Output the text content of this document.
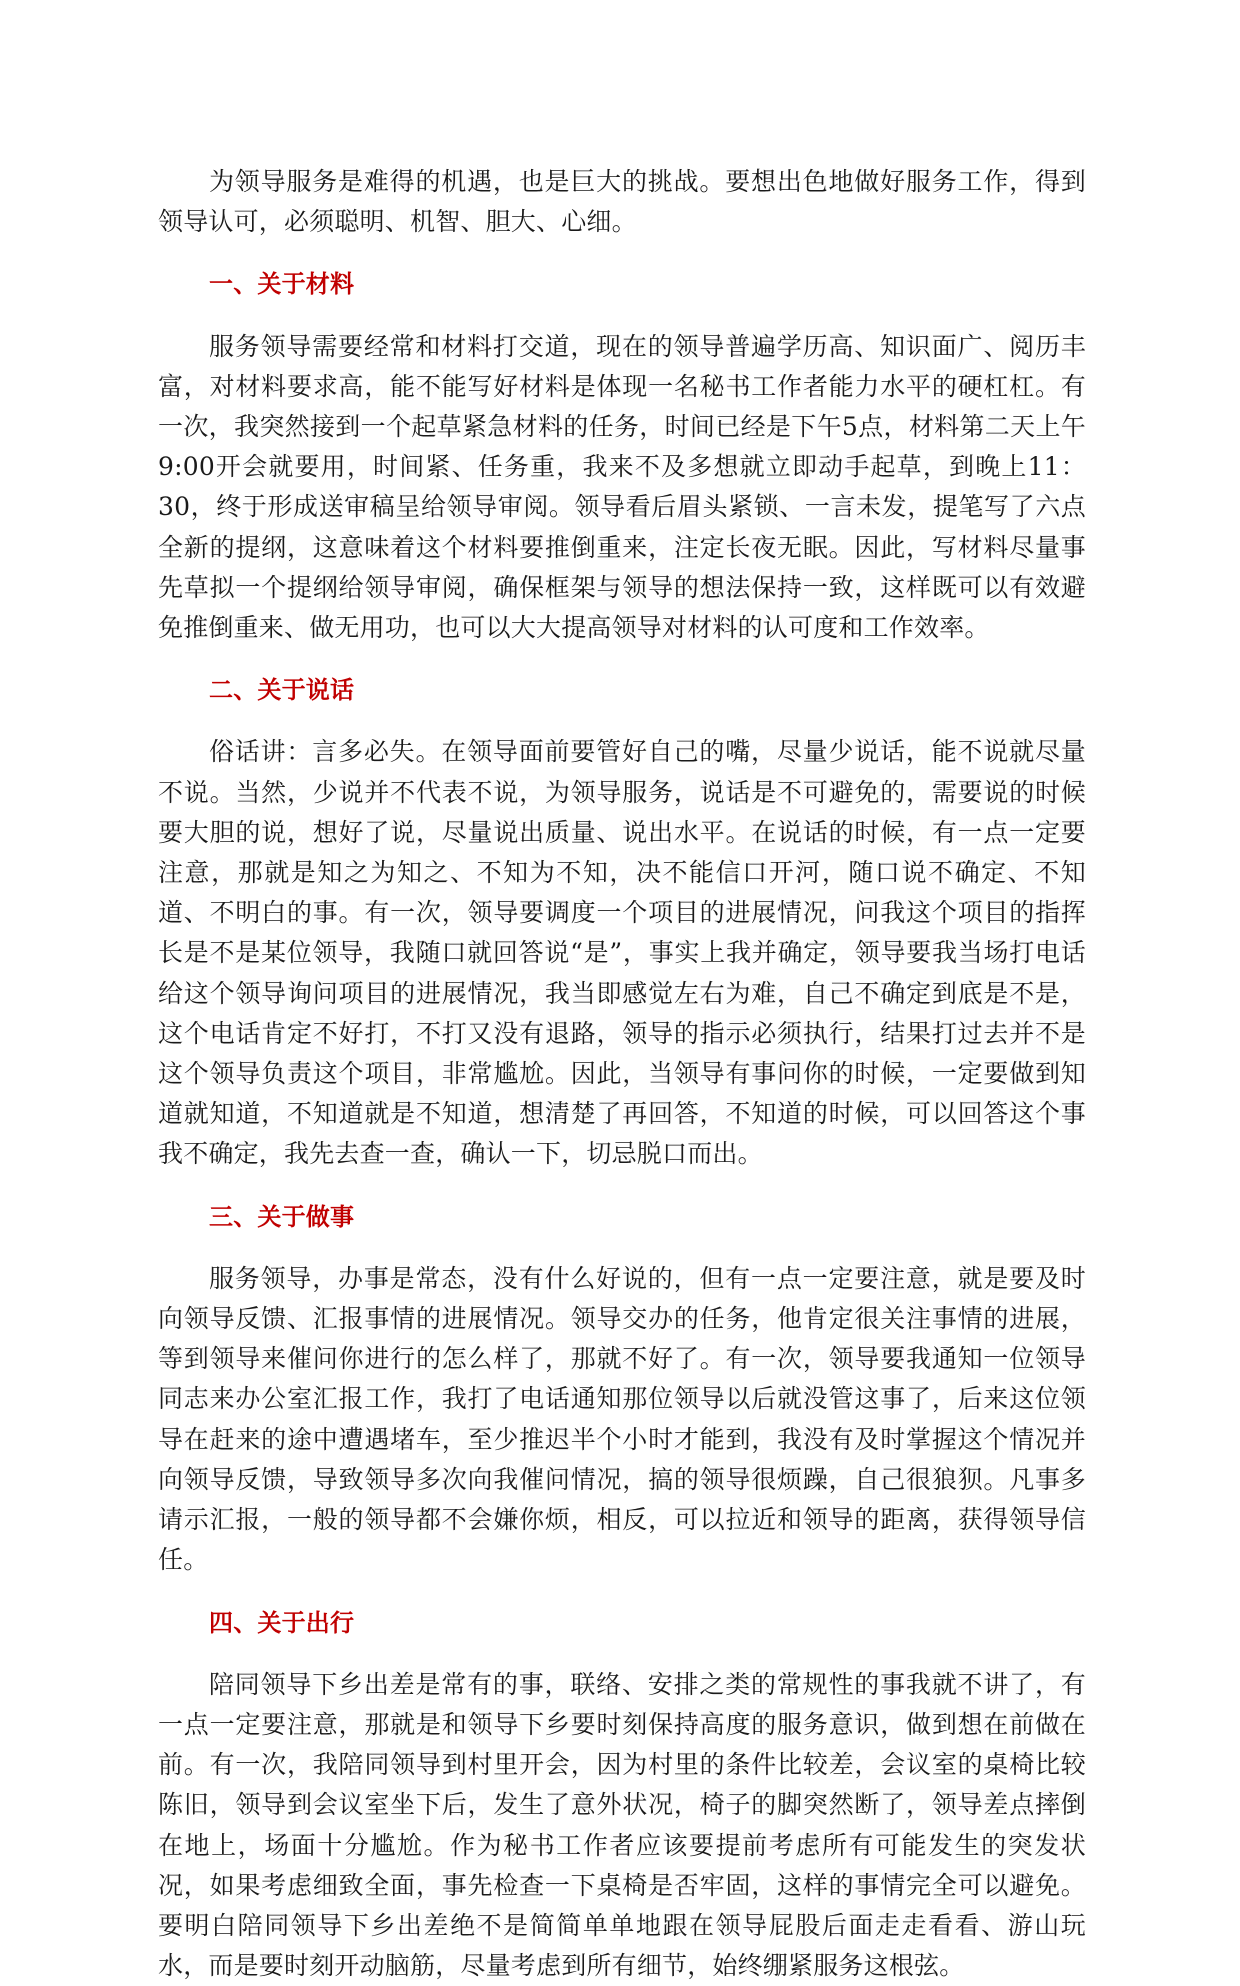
为领导服务是难得的机遇，也是巨大的挑战。要想出色地做好服务工作，得到领导认可，必须聪明、机智、胆大、心细。

一、关于材料

服务领导需要经常和材料打交道，现在的领导普遍学历高、知识面广、阅历丰富，对材料要求高，能不能写好材料是体现一名秘书工作者能力水平的硬杠杠。有一次，我突然接到一个起草紧急材料的任务，时间已经是下午5点，材料第二天上午9:00开会就要用，时间紧、任务重，我来不及多想就立即动手起草，到晚上11：30，终于形成送审稿呈给领导审阅。领导看后眉头紧锁、一言未发，提笔写了六点全新的提纲，这意味着这个材料要推倒重来，注定长夜无眠。因此，写材料尽量事先草拟一个提纲给领导审阅，确保框架与领导的想法保持一致，这样既可以有效避免推倒重来、做无用功，也可以大大提高领导对材料的认可度和工作效率。

二、关于说话

俗话讲：言多必失。在领导面前要管好自己的嘴，尽量少说话，能不说就尽量不说。当然，少说并不代表不说，为领导服务，说话是不可避免的，需要说的时候要大胆的说，想好了说，尽量说出质量、说出水平。在说话的时候，有一点一定要注意，那就是知之为知之、不知为不知，决不能信口开河，随口说不确定、不知道、不明白的事。有一次，领导要调度一个项目的进展情况，问我这个项目的指挥长是不是某位领导，我随口就回答说“是”，事实上我并确定，领导要我当场打电话给这个领导询问项目的进展情况，我当即感觉左右为难，自己不确定到底是不是，这个电话肯定不好打，不打又没有退路，领导的指示必须执行，结果打过去并不是这个领导负责这个项目，非常尴尬。因此，当领导有事问你的时候，一定要做到知道就知道，不知道就是不知道，想清楚了再回答，不知道的时候，可以回答这个事我不确定，我先去查一查，确认一下，切忌脱口而出。

三、关于做事

服务领导，办事是常态，没有什么好说的，但有一点一定要注意，就是要及时向领导反馈、汇报事情的进展情况。领导交办的任务，他肯定很关注事情的进展，等到领导来催问你进行的怎么样了，那就不好了。有一次，领导要我通知一位领导同志来办公室汇报工作，我打了电话通知那位领导以后就没管这事了，后来这位领导在赶来的途中遭遇堵车，至少推迟半个小时才能到，我没有及时掌握这个情况并向领导反馈，导致领导多次向我催问情况，搞的领导很烦躁，自己很狼狈。凡事多请示汇报，一般的领导都不会嫌你烦，相反，可以拉近和领导的距离，获得领导信任。

四、关于出行

陪同领导下乡出差是常有的事，联络、安排之类的常规性的事我就不讲了，有一点一定要注意，那就是和领导下乡要时刻保持高度的服务意识，做到想在前做在前。有一次，我陪同领导到村里开会，因为村里的条件比较差，会议室的桌椅比较陈旧，领导到会议室坐下后，发生了意外状况，椅子的脚突然断了，领导差点摔倒在地上，场面十分尴尬。作为秘书工作者应该要提前考虑所有可能发生的突发状况，如果考虑细致全面，事先检查一下桌椅是否牢固，这样的事情完全可以避免。要明白陪同领导下乡出差绝不是简简单单地跟在领导屁股后面走走看看、游山玩水，而是要时刻开动脑筋，尽量考虑到所有细节，始终绷紧服务这根弦。
